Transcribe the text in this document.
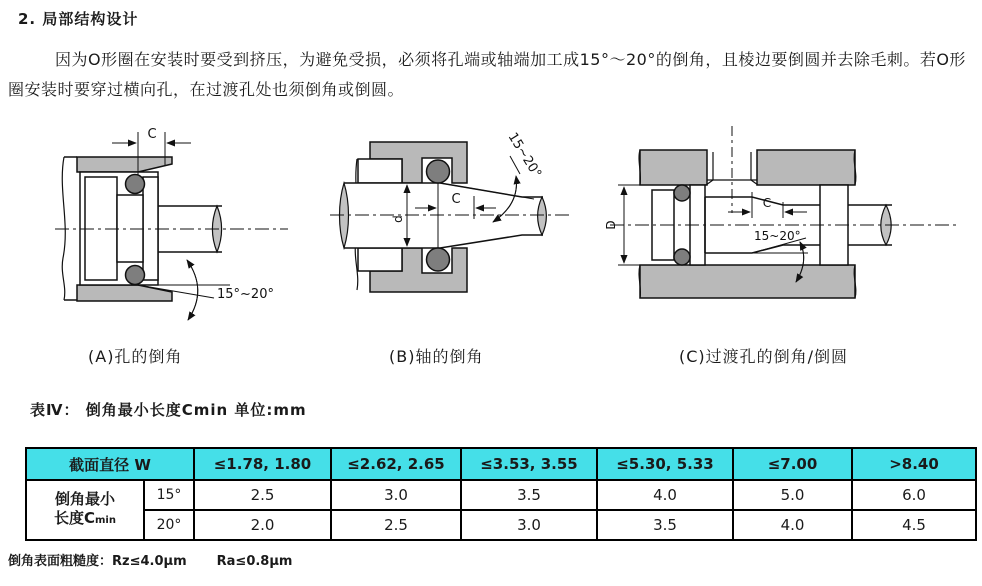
2. 局部结构设计
因为O形圈在安装时要受到挤压，为避免受损，必须将孔端或轴端加工成15°～20°的倒角，且棱边要倒圆并去除毛刺。若O形圈安装时要穿过横向孔，在过渡孔处也须倒角或倒圆。
C
15°~20°
C
d
15~20°
C
D
15~20°
(A)孔的倒角	(B)轴的倒角	(C)过渡孔的倒角/倒圆
表Ⅳ： 倒角最小长度Cmin 单位:mm
截面直径 W		≤1.78, 1.80	≤2.62, 2.65	≤3.53, 3.55	≤5.30, 5.33	≤7.00	>8.40
倒角最小
长度Cmin	15°	2.5	3.0	3.5	4.0	5.0	6.0
	20°	2.0	2.5	3.0	3.5	4.0	4.5
倒角表面粗糙度：Rz≤4.0μm Ra≤0.8μm
